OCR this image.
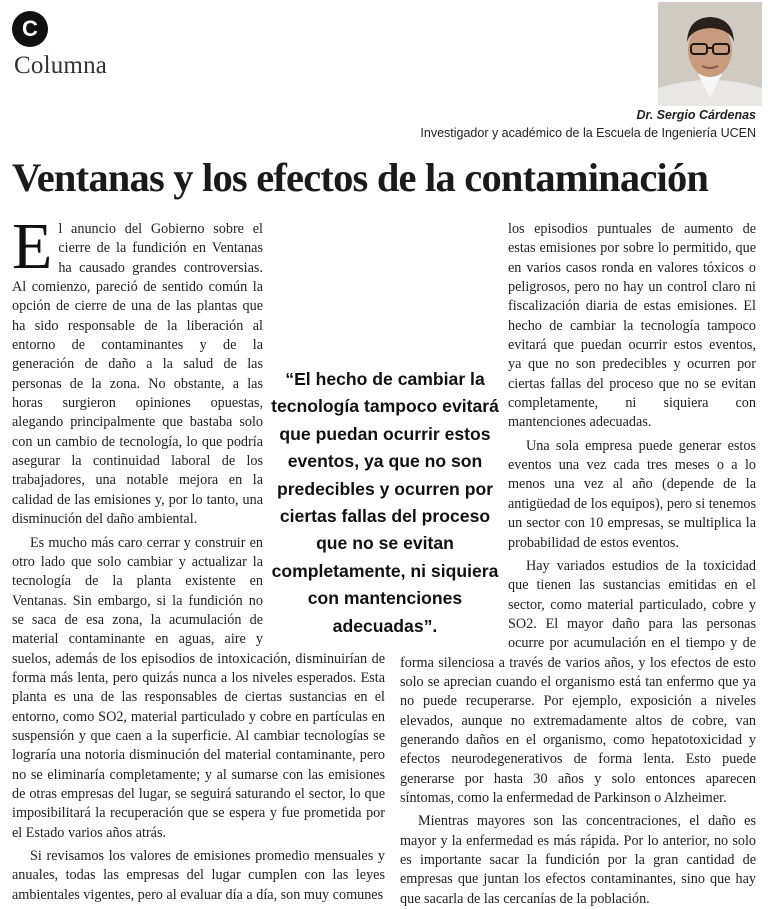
C
Columna
Dr. Sergio Cárdenas
Investigador y académico de la Escuela de Ingeniería UCEN
Ventanas y los efectos de la contaminación

El anuncio del Gobierno sobre el cierre de la fundición en Ventanas ha causado grandes controversias. Al comienzo, pareció de sentido común la opción de cierre de una de las plantas que ha sido responsable de la liberación al entorno de contaminantes y de la generación de daño a la salud de las personas de la zona. No obstante, a las horas surgieron opiniones opuestas, alegando principalmente que bastaba solo con un cambio de tecnología, lo que podría asegurar la continuidad laboral de los trabajadores, una notable mejora en la calidad de las emisiones y, por lo tanto, una disminución del daño ambiental.

Es mucho más caro cerrar y construir en otro lado que solo cambiar y actualizar la tecnología de la planta existente en Ventanas. Sin embargo, si la fundición no se saca de esa zona, la acumulación de material contaminante en aguas, aire y suelos, además de los episodios de intoxicación, disminuirían de forma más lenta, pero quizás nunca a los niveles esperados. Esta planta es una de las responsables de ciertas sustancias en el entorno, como SO2, material particulado y cobre en partículas en suspensión y que caen a la superficie. Al cambiar tecnologías se lograría una notoria disminución del material contaminante, pero no se eliminaría completamente; y al sumarse con las emisiones de otras empresas del lugar, se seguirá saturando el sector, lo que imposibilitará la recuperación que se espera y fue prometida por el Estado varios años atrás.

Si revisamos los valores de emisiones promedio mensuales y anuales, todas las empresas del lugar cumplen con las leyes ambientales vigentes, pero al evaluar día a día, son muy comunes

los episodios puntuales de aumento de estas emisiones por sobre lo permitido, que en varios casos ronda en valores tóxicos o peligrosos, pero no hay un control claro ni fiscalización diaria de estas emisiones. El hecho de cambiar la tecnología tampoco evitará que puedan ocurrir estos eventos, ya que no son predecibles y ocurren por ciertas fallas del proceso que no se evitan completamente, ni siquiera con mantenciones adecuadas.

Una sola empresa puede generar estos eventos una vez cada tres meses o a lo menos una vez al año (depende de la antigüedad de los equipos), pero si tenemos un sector con 10 empresas, se multiplica la probabilidad de estos eventos.

Hay variados estudios de la toxicidad que tienen las sustancias emitidas en el sector, como material particulado, cobre y SO2. El mayor daño para las personas ocurre por acumulación en el tiempo y de forma silenciosa a través de varios años, y los efectos de esto solo se aprecian cuando el organismo está tan enfermo que ya no puede recuperarse. Por ejemplo, exposición a niveles elevados, aunque no extremadamente altos de cobre, van generando daños en el organismo, como hepatotoxicidad y efectos neurodegenerativos de forma lenta. Esto puede generarse por hasta 30 años y solo entonces aparecen síntomas, como la enfermedad de Parkinson o Alzheimer.

Mientras mayores son las concentraciones, el daño es mayor y la enfermedad es más rápida. Por lo anterior, no solo es importante sacar la fundición por la gran cantidad de empresas que juntan los efectos contaminantes, sino que hay que sacarla de las cercanías de la población.

“El hecho de cambiar la tecnología tampoco evitará que puedan ocurrir estos eventos, ya que no son predecibles y ocurren por ciertas fallas del proceso que no se evitan completamente, ni siquiera con mantenciones adecuadas”.
